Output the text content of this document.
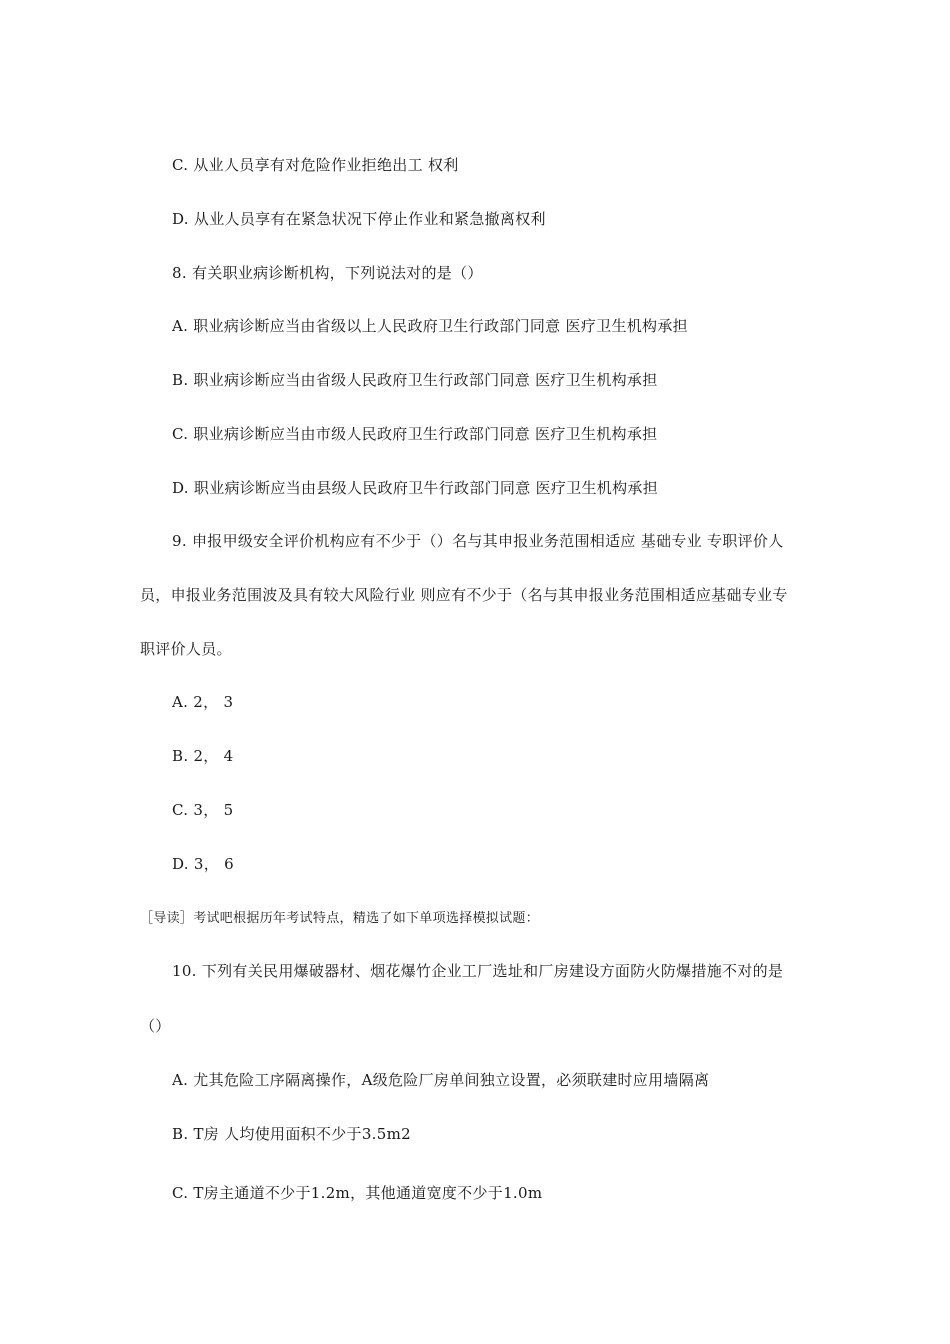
C. 从业人员享有对危险作业拒绝出工 权利
D. 从业人员享有在紧急状况下停止作业和紧急撤离权利
8. 有关职业病诊断机构，下列说法对的是（）
A. 职业病诊断应当由省级以上人民政府卫生行政部门同意 医疗卫生机构承担
B. 职业病诊断应当由省级人民政府卫生行政部门同意 医疗卫生机构承担
C. 职业病诊断应当由市级人民政府卫生行政部门同意 医疗卫生机构承担
D. 职业病诊断应当由县级人民政府卫牛行政部门同意 医疗卫生机构承担
9. 申报甲级安全评价机构应有不少于（）名与其申报业务范围相适应 基础专业 专职评价人
员，申报业务范围波及具有较大风险行业 则应有不少于（名与其申报业务范围相适应基础专业专
职评价人员。
A. 2， 3
B. 2， 4
C. 3， 5
D. 3， 6
［导读］考试吧根据历年考试特点，精选了如下单项选择模拟试题：
10. 下列有关民用爆破器材、烟花爆竹企业工厂选址和厂房建设方面防火防爆措施不对的是
（）
A. 尤其危险工序隔离操作，A级危险厂房单间独立设置，必须联建时应用墙隔离
B. T房 人均使用面积不少于3.5m2
C. T房主通道不少于1.2m，其他通道宽度不少于1.0m
